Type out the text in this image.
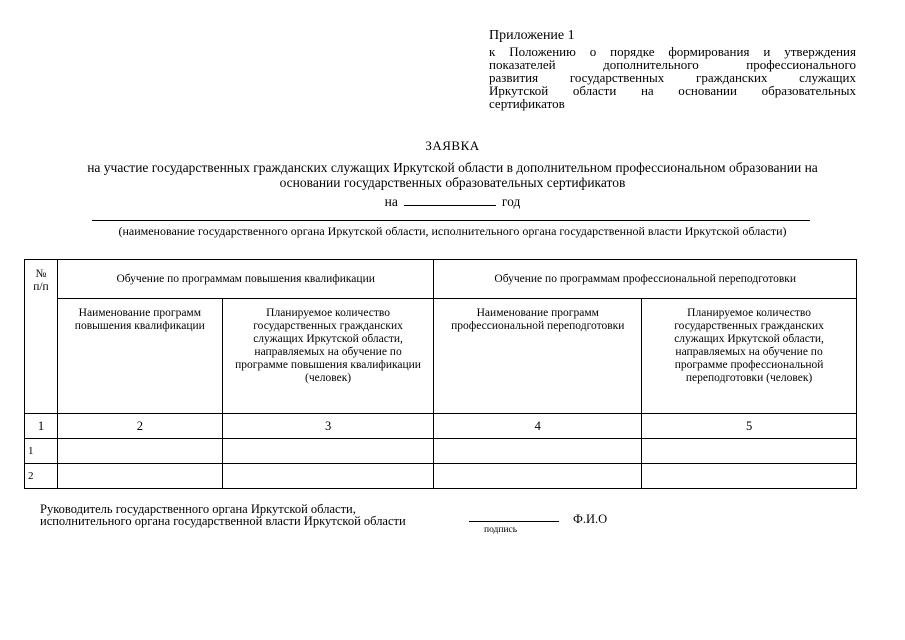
Приложение 1
к Положению о порядке формирования и утверждения
показателей дополнительного профессионального
развития государственных гражданских служащих
Иркутской области на основании образовательных
сертификатов
ЗАЯВКА
на участие государственных гражданских служащих Иркутской области в дополнительном профессиональном образовании на
основании государственных образовательных сертификатов
на	год
(наименование государственного органа Иркутской области, исполнительного органа государственной власти Иркутской области)
№
п/п	Обучение по программам повышения квалификации		Обучение по программам профессиональной переподготовки	
	Наименование программ повышения квалификации	Планируемое количество государственных гражданских служащих Иркутской области, направляемых на обучение по программе повышения квалификации (человек)	Наименование программ профессиональной переподготовки	Планируемое количество государственных гражданских служащих Иркутской области, направляемых на обучение по программе профессиональной переподготовки (человек)
1	2	3	4	5
1				
2				
Руководитель государственного органа Иркутской области,
исполнительного органа государственной власти Иркутской области
подпись
Ф.И.О
